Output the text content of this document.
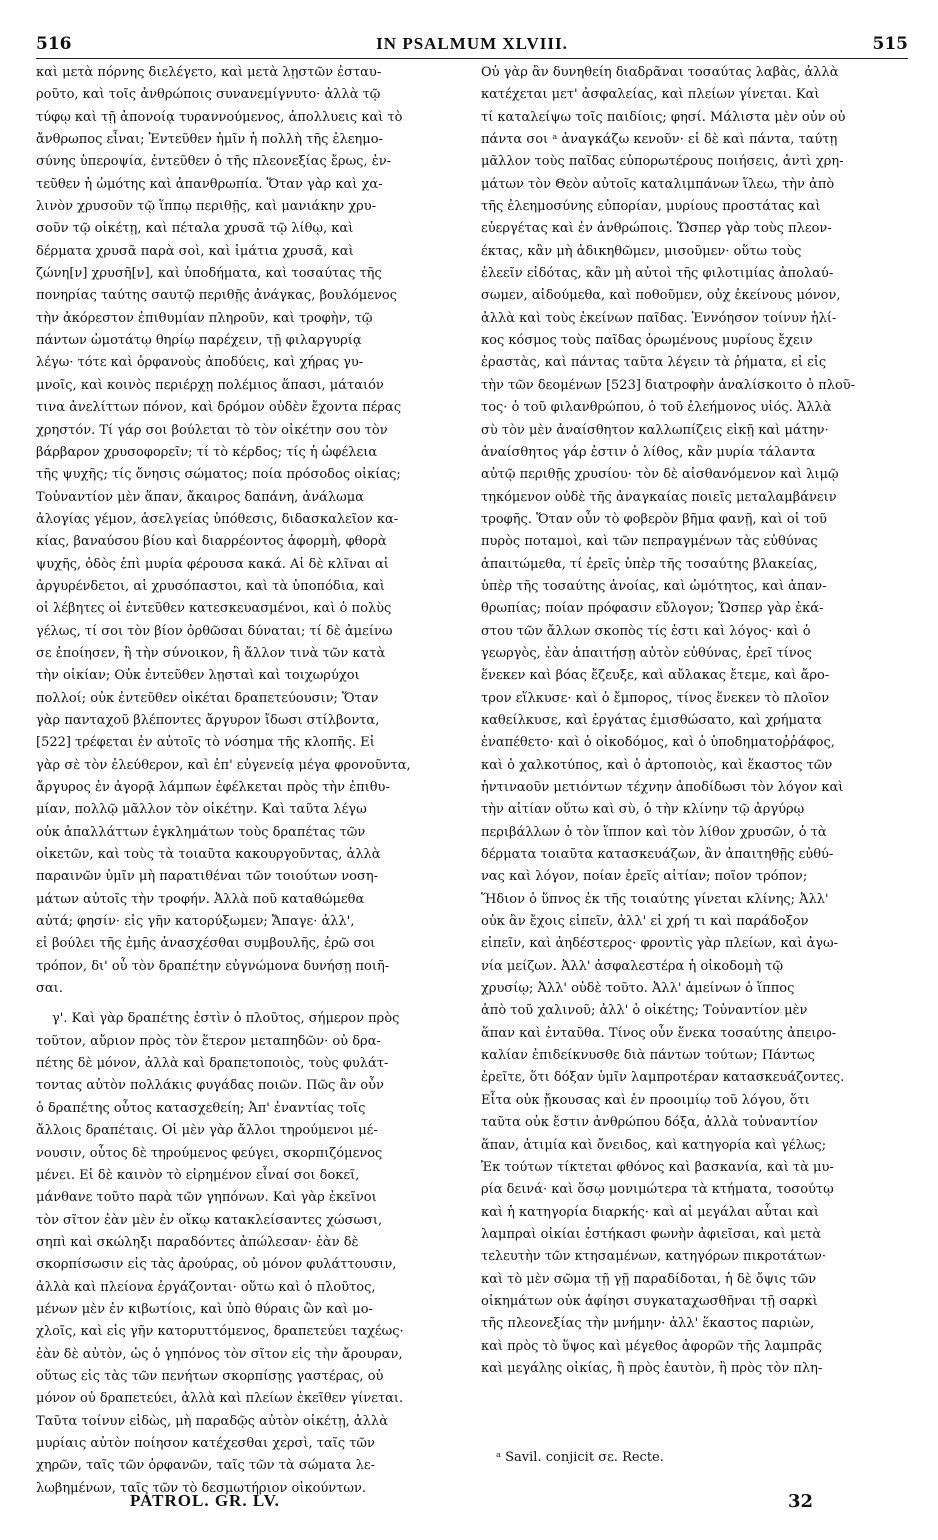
516	IN PSALMUM XLVIII.	515
καὶ μετὰ πόρνης διελέγετο, καὶ μετὰ λῃστῶν ἐσταυ-
ροῦτο, καὶ τοῖς ἀνθρώποις συνανεμίγνυτο· ἀλλὰ τῷ
τύφῳ καὶ τῇ ἀπονοίᾳ τυραννούμενος, ἀπολλυεις καὶ τὸ
ἄνθρωπος εἶναι; Ἐντεῦθεν ἡμῖν ἡ πολλὴ τῆς ἐλεημο-
σύνης ὑπεροψία, ἐντεῦθεν ὁ τῆς πλεονεξίας ἔρως, ἐν-
τεῦθεν ἡ ὠμότης καὶ ἀπανθρωπία. Ὅταν γὰρ καὶ χα-
λινὸν χρυσοῦν τῷ ἵππῳ περιθῇς, καὶ μανιάκην χρυ-
σοῦν τῷ οἰκέτῃ, καὶ πέταλα χρυσᾶ τῷ λίθῳ, καὶ
δέρματα χρυσᾶ παρὰ σοὶ, καὶ ἱμάτια χρυσᾶ, καὶ
ζώνη[ν] χρυσῆ[ν], καὶ ὑποδήματα, καὶ τοσαύτας τῆς
πονηρίας ταύτης σαυτῷ περιθῇς ἀνάγκας, βουλόμενος
τὴν ἀκόρεστον ἐπιθυμίαν πληροῦν, καὶ τροφὴν, τῷ
πάντων ὠμοτάτῳ θηρίῳ παρέχειν, τῇ φιλαργυρίᾳ
λέγω· τότε καὶ ὀρφανοὺς ἀποδύεις, καὶ χήρας γυ-
μνοῖς, καὶ κοινὸς περιέρχῃ πολέμιος ἅπασι, μάταιόν
τινα ἀνελίττων πόνον, καὶ δρόμον οὐδὲν ἔχοντα πέρας
χρηστόν. Τί γάρ σοι βούλεται τὸ τὸν οἰκέτην σου τὸν
βάρβαρον χρυσοφορεῖν; τί τὸ κέρδος; τίς ἡ ὠφέλεια
τῆς ψυχῆς; τίς ὄνησις σώματος; ποία πρόσοδος οἰκίας;
Τοὐναντίον μὲν ἅπαν, ἄκαιρος δαπάνη, ἀνάλωμα
ἀλογίας γέμον, ἀσελγείας ὑπόθεσις, διδασκαλεῖον κα-
κίας, βαναύσου βίου καὶ διαρρέοντος ἀφορμὴ, φθορὰ
ψυχῆς, ὁδὸς ἐπὶ μυρία φέρουσα κακά. Αἱ δὲ κλῖναι αἱ
ἀργυρένδετοι, αἱ χρυσόπαστοι, καὶ τὰ ὑποπόδια, καὶ
οἱ λέβητες οἱ ἐντεῦθεν κατεσκευασμένοι, καὶ ὁ πολὺς
γέλως, τί σοι τὸν βίον ὀρθῶσαι δύναται; τί δὲ ἀμείνω
σε ἐποίησεν, ἢ τὴν σύνοικον, ἢ ἄλλον τινὰ τῶν κατὰ
τὴν οἰκίαν; Οὐκ ἐντεῦθεν λῃσταὶ καὶ τοιχωρύχοι
πολλοί; οὐκ ἐντεῦθεν οἰκέται δραπετεύουσιν; Ὅταν
γὰρ πανταχοῦ βλέποντες ἄργυρον ἴδωσι στίλβοντα,
[522] τρέφεται ἐν αὐτοῖς τὸ νόσημα τῆς κλοπῆς. Εἰ
γὰρ σὲ τὸν ἐλεύθερον, καὶ ἐπ' εὐγενείᾳ μέγα φρονοῦντα,
ἄργυρος ἐν ἀγορᾷ λάμπων ἐφέλκεται πρὸς τὴν ἐπιθυ-
μίαν, πολλῷ μᾶλλον τὸν οἰκέτην. Καὶ ταῦτα λέγω
οὐκ ἀπαλλάττων ἐγκλημάτων τοὺς δραπέτας τῶν
οἰκετῶν, καὶ τοὺς τὰ τοιαῦτα κακουργοῦντας, ἀλλὰ
παραινῶν ὑμῖν μὴ παρατιθέναι τῶν τοιούτων νοση-
μάτων αὐτοῖς τὴν τροφήν. Ἀλλὰ ποῦ καταθώμεθα
αὐτά; φησίν· εἰς γῆν κατορύξωμεν; Ἄπαγε· ἀλλ',
εἰ βούλει τῆς ἐμῆς ἀνασχέσθαι συμβουλῆς, ἐρῶ σοι
τρόπον, δι' οὗ τὸν δραπέτην εὐγνώμονα δυνήσῃ ποιῆ-
σαι.
γ'. Καὶ γὰρ δραπέτης ἐστὶν ὁ πλοῦτος, σήμερον πρὸς
τοῦτον, αὔριον πρὸς τὸν ἕτερον μεταπηδῶν· οὐ δρα-
πέτης δὲ μόνον, ἀλλὰ καὶ δραπετοποιὸς, τοὺς φυλάτ-
τοντας αὐτὸν πολλάκις φυγάδας ποιῶν. Πῶς ἂν οὖν
ὁ δραπέτης οὗτος κατασχεθείη; Ἀπ' ἐναντίας τοῖς
ἄλλοις δραπέταις. Οἱ μὲν γὰρ ἄλλοι τηρούμενοι μέ-
νουσιν, οὗτος δὲ τηρούμενος φεύγει, σκορπιζόμενος
μένει. Εἰ δὲ καινὸν τὸ εἰρημένον εἶναί σοι δοκεῖ,
μάνθανε τοῦτο παρὰ τῶν γηπόνων. Καὶ γὰρ ἐκεῖνοι
τὸν σῖτον ἐὰν μὲν ἐν οἴκῳ κατακλείσαντες χώσωσι,
σηπὶ καὶ σκώληξι παραδόντες ἀπώλεσαν· ἐὰν δὲ
σκορπίσωσιν εἰς τὰς ἀρούρας, οὐ μόνον φυλάττουσιν,
ἀλλὰ καὶ πλείονα ἐργάζονται· οὕτω καὶ ὁ πλοῦτος,
μένων μὲν ἐν κιβωτίοις, καὶ ὑπὸ θύραις ὢν καὶ μο-
χλοῖς, καὶ εἰς γῆν κατορυττόμενος, δραπετεύει ταχέως·
ἐὰν δὲ αὐτὸν, ὡς ὁ γηπόνος τὸν σῖτον εἰς τὴν ἄρουραν,
οὕτως εἰς τὰς τῶν πενήτων σκορπίσῃς γαστέρας, οὐ
μόνον οὐ δραπετεύει, ἀλλὰ καὶ πλείων ἐκεῖθεν γίνεται.
Ταῦτα τοίνυν εἰδὼς, μὴ παραδῷς αὐτὸν οἰκέτῃ, ἀλλὰ
μυρίαις αὐτὸν ποίησον κατέχεσθαι χερσὶ, ταῖς τῶν
χηρῶν, ταῖς τῶν ὀρφανῶν, ταῖς τῶν τὰ σώματα λε-
λωβημένων, ταῖς τῶν τὸ δεσμωτήριον οἰκούντων.
Οὐ γὰρ ἂν δυνηθείη διαδρᾶναι τοσαύτας λαβὰς, ἀλλὰ
κατέχεται μετ' ἀσφαλείας, καὶ πλείων γίνεται. Καὶ
τί καταλείψω τοῖς παιδίοις; φησί. Μάλιστα μὲν οὐν οὐ
πάντα σοι ᵃ ἀναγκάζω κενοῦν· εἰ δὲ καὶ πάντα, ταύτῃ
μᾶλλον τοὺς παῖδας εὐπορωτέρους ποιήσεις, ἀντὶ χρη-
μάτων τὸν Θεὸν αὐτοῖς καταλιμπάνων ἵλεω, τὴν ἀπὸ
τῆς ἐλεημοσύνης εὐπορίαν, μυρίους προστάτας καὶ
εὐεργέτας καὶ ἐν ἀνθρώποις. Ὥσπερ γὰρ τοὺς πλεον-
έκτας, κἂν μὴ ἀδικηθῶμεν, μισοῦμεν· οὕτω τοὺς
ἐλεεῖν εἰδότας, κἂν μὴ αὐτοὶ τῆς φιλοτιμίας ἀπολαύ-
σωμεν, αἰδούμεθα, καὶ ποθοῦμεν, οὐχ ἐκείνους μόνον,
ἀλλὰ καὶ τοὺς ἐκείνων παῖδας. Ἐννόησον τοίνυν ἡλί-
κος κόσμος τοὺς παῖδας ὁρωμένους μυρίους ἔχειν
ἐραστὰς, καὶ πάντας ταῦτα λέγειν τὰ ῥήματα, εἰ εἰς
τὴν τῶν δεομένων [523] διατροφὴν ἀναλίσκοιτο ὁ πλοῦ-
τος· ὁ τοῦ φιλανθρώπου, ὁ τοῦ ἐλεήμονος υἱός. Ἀλλὰ
σὺ τὸν μὲν ἀναίσθητον καλλωπίζεις εἰκῇ καὶ μάτην·
ἀναίσθητος γάρ ἐστιν ὁ λίθος, κἂν μυρία τάλαντα
αὐτῷ περιθῇς χρυσίου· τὸν δὲ αἰσθανόμενον καὶ λιμῷ
τηκόμενον οὐδὲ τῆς ἀναγκαίας ποιεῖς μεταλαμβάνειν
τροφῆς. Ὅταν οὖν τὸ φοβερὸν βῆμα φανῇ, καὶ οἱ τοῦ
πυρὸς ποταμοὶ, καὶ τῶν πεπραγμένων τὰς εὐθύνας
ἀπαιτώμεθα, τί ἐρεῖς ὑπὲρ τῆς τοσαύτης βλακείας,
ὑπὲρ τῆς τοσαύτης ἀνοίας, καὶ ὠμότητος, καὶ ἀπαν-
θρωπίας; ποίαν πρόφασιν εὔλογον; Ὥσπερ γὰρ ἑκά-
στου τῶν ἄλλων σκοπὸς τίς ἐστι καὶ λόγος· καὶ ὁ
γεωργὸς, ἐὰν ἀπαιτήσῃ αὐτὸν εὐθύνας, ἐρεῖ τίνος
ἕνεκεν καὶ βόας ἔζευξε, καὶ αὔλακας ἔτεμε, καὶ ἄρο-
τρον εἵλκυσε· καὶ ὁ ἔμπορος, τίνος ἕνεκεν τὸ πλοῖον
καθείλκυσε, καὶ ἐργάτας ἐμισθώσατο, καὶ χρήματα
ἐναπέθετο· καὶ ὁ οἰκοδόμος, καὶ ὁ ὑποδηματοῤῥάφος,
καὶ ὁ χαλκοτύπος, καὶ ὁ ἀρτοποιὸς, καὶ ἕκαστος τῶν
ἡντιναοῦν μετιόντων τέχνην ἀποδίδωσι τὸν λόγον καὶ
τὴν αἰτίαν οὕτω καὶ σὺ, ὁ τὴν κλίνην τῷ ἀργύρῳ
περιβάλλων ὁ τὸν ἵππον καὶ τὸν λίθον χρυσῶν, ὁ τὰ
δέρματα τοιαῦτα κατασκευάζων, ἂν ἀπαιτηθῇς εὐθύ-
νας καὶ λόγον, ποίαν ἐρεῖς αἰτίαν; ποῖον τρόπον;
Ἥδιον ὁ ὕπνος ἐκ τῆς τοιαύτης γίνεται κλίνης; Ἀλλ'
οὐκ ἂν ἔχοις εἰπεῖν, ἀλλ' εἰ χρή τι καὶ παράδοξον
εἰπεῖν, καὶ ἀηδέστερος· φροντὶς γὰρ πλείων, καὶ ἀγω-
νία μείζων. Ἀλλ' ἀσφαλεστέρα ἡ οἰκοδομὴ τῷ
χρυσίῳ; Ἀλλ' οὐδὲ τοῦτο. Ἀλλ' ἀμείνων ὁ ἵππος
ἀπὸ τοῦ χαλινοῦ; ἀλλ' ὁ οἰκέτης; Τοὐναντίον μὲν
ἅπαν καὶ ἐνταῦθα. Τίνος οὖν ἕνεκα τοσαύτης ἀπειρο-
καλίαν ἐπιδείκνυσθε διὰ πάντων τούτων; Πάντως
ἐρεῖτε, ὅτι δόξαν ὑμῖν λαμπροτέραν κατασκευάζοντες.
Εἶτα οὐκ ᾔκουσας καὶ ἐν προοιμίῳ τοῦ λόγου, ὅτι
ταῦτα οὐκ ἔστιν ἀνθρώπου δόξα, ἀλλὰ τοὐναντίον
ἅπαν, ἀτιμία καὶ ὄνειδος, καὶ κατηγορία καὶ γέλως;
Ἐκ τούτων τίκτεται φθόνος καὶ βασκανία, καὶ τὰ μυ-
ρία δεινά· καὶ ὅσῳ μονιμώτερα τὰ κτήματα, τοσούτῳ
καὶ ἡ κατηγορία διαρκής· καὶ αἱ μεγάλαι αὗται καὶ
λαμπραὶ οἰκίαι ἑστήκασι φωνὴν ἀφιεῖσαι, καὶ μετὰ
τελευτὴν τῶν κτησαμένων, κατηγόρων πικροτάτων·
καὶ τὸ μὲν σῶμα τῇ γῇ παραδίδοται, ἡ δὲ ὄψις τῶν
οἰκημάτων οὐκ ἀφίησι συγκαταχωσθῆναι τῇ σαρκὶ
τῆς πλεονεξίας τὴν μνήμην· ἀλλ' ἕκαστος παριὼν,
καὶ πρὸς τὸ ὕψος καὶ μέγεθος ἀφορῶν τῆς λαμπρᾶς
καὶ μεγάλης οἰκίας, ἢ πρὸς ἑαυτὸν, ἢ πρὸς τὸν πλη-
ᵃ Savil. conjicit σε. Recte.
PATROL. GR. LV.	32
